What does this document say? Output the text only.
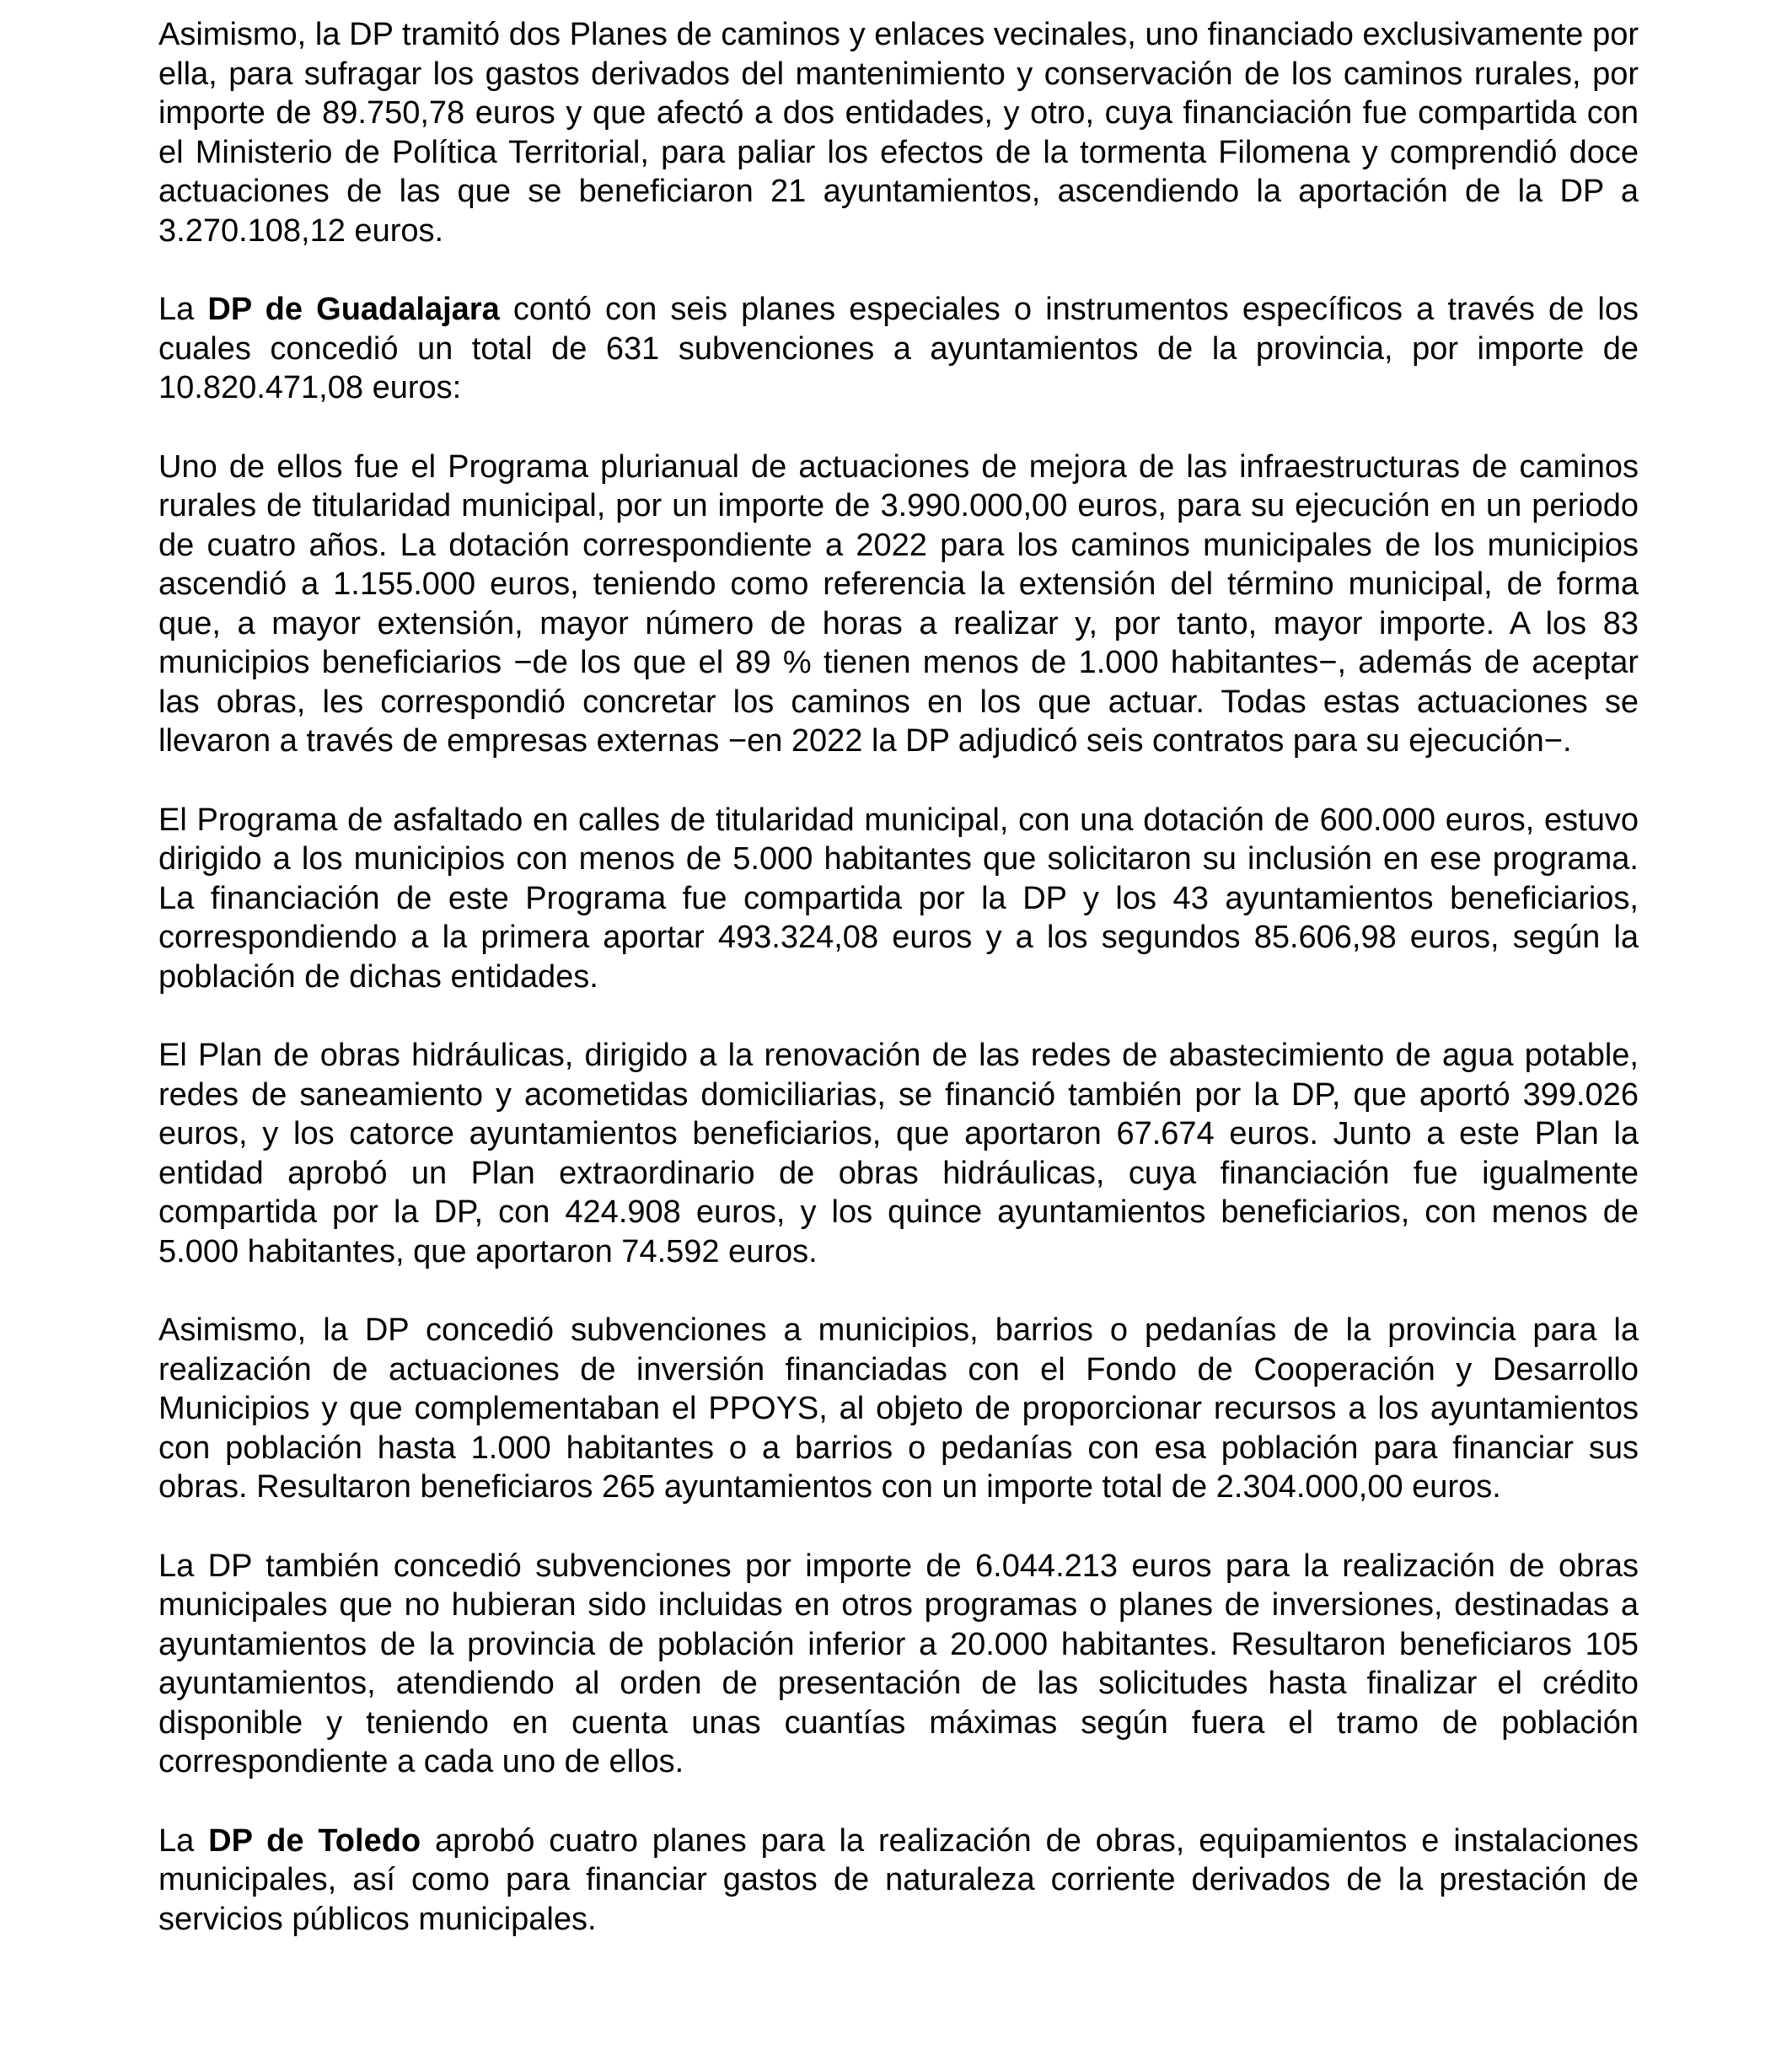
Asimismo, la DP tramitó dos Planes de caminos y enlaces vecinales, uno financiado exclusivamente por ella, para sufragar los gastos derivados del mantenimiento y conservación de los caminos rurales, por importe de 89.750,78 euros y que afectó a dos entidades, y otro, cuya financiación fue compartida con el Ministerio de Política Territorial, para paliar los efectos de la tormenta Filomena y comprendió doce actuaciones de las que se beneficiaron 21 ayuntamientos, ascendiendo la aportación de la DP a 3.270.108,12 euros.

La DP de Guadalajara contó con seis planes especiales o instrumentos específicos a través de los cuales concedió un total de 631 subvenciones a ayuntamientos de la provincia, por importe de 10.820.471,08 euros:

Uno de ellos fue el Programa plurianual de actuaciones de mejora de las infraestructuras de caminos rurales de titularidad municipal, por un importe de 3.990.000,00 euros, para su ejecución en un periodo de cuatro años. La dotación correspondiente a 2022 para los caminos municipales de los municipios ascendió a 1.155.000 euros, teniendo como referencia la extensión del término municipal, de forma que, a mayor extensión, mayor número de horas a realizar y, por tanto, mayor importe. A los 83 municipios beneficiarios −de los que el 89 % tienen menos de 1.000 habitantes−, además de aceptar las obras, les correspondió concretar los caminos en los que actuar. Todas estas actuaciones se llevaron a través de empresas externas −en 2022 la DP adjudicó seis contratos para su ejecución−.

El Programa de asfaltado en calles de titularidad municipal, con una dotación de 600.000 euros, estuvo dirigido a los municipios con menos de 5.000 habitantes que solicitaron su inclusión en ese programa. La financiación de este Programa fue compartida por la DP y los 43 ayuntamientos beneficiarios, correspondiendo a la primera aportar 493.324,08 euros y a los segundos 85.606,98 euros, según la población de dichas entidades.

El Plan de obras hidráulicas, dirigido a la renovación de las redes de abastecimiento de agua potable, redes de saneamiento y acometidas domiciliarias, se financió también por la DP, que aportó 399.026 euros, y los catorce ayuntamientos beneficiarios, que aportaron 67.674 euros. Junto a este Plan la entidad aprobó un Plan extraordinario de obras hidráulicas, cuya financiación fue igualmente compartida por la DP, con 424.908 euros, y los quince ayuntamientos beneficiarios, con menos de 5.000 habitantes, que aportaron 74.592 euros.

Asimismo, la DP concedió subvenciones a municipios, barrios o pedanías de la provincia para la realización de actuaciones de inversión financiadas con el Fondo de Cooperación y Desarrollo Municipios y que complementaban el PPOYS, al objeto de proporcionar recursos a los ayuntamientos con población hasta 1.000 habitantes o a barrios o pedanías con esa población para financiar sus obras. Resultaron beneficiaros 265 ayuntamientos con un importe total de 2.304.000,00 euros.

La DP también concedió subvenciones por importe de 6.044.213 euros para la realización de obras municipales que no hubieran sido incluidas en otros programas o planes de inversiones, destinadas a ayuntamientos de la provincia de población inferior a 20.000 habitantes. Resultaron beneficiaros 105 ayuntamientos, atendiendo al orden de presentación de las solicitudes hasta finalizar el crédito disponible y teniendo en cuenta unas cuantías máximas según fuera el tramo de población correspondiente a cada uno de ellos.

La DP de Toledo aprobó cuatro planes para la realización de obras, equipamientos e instalaciones municipales, así como para financiar gastos de naturaleza corriente derivados de la prestación de servicios públicos municipales.
